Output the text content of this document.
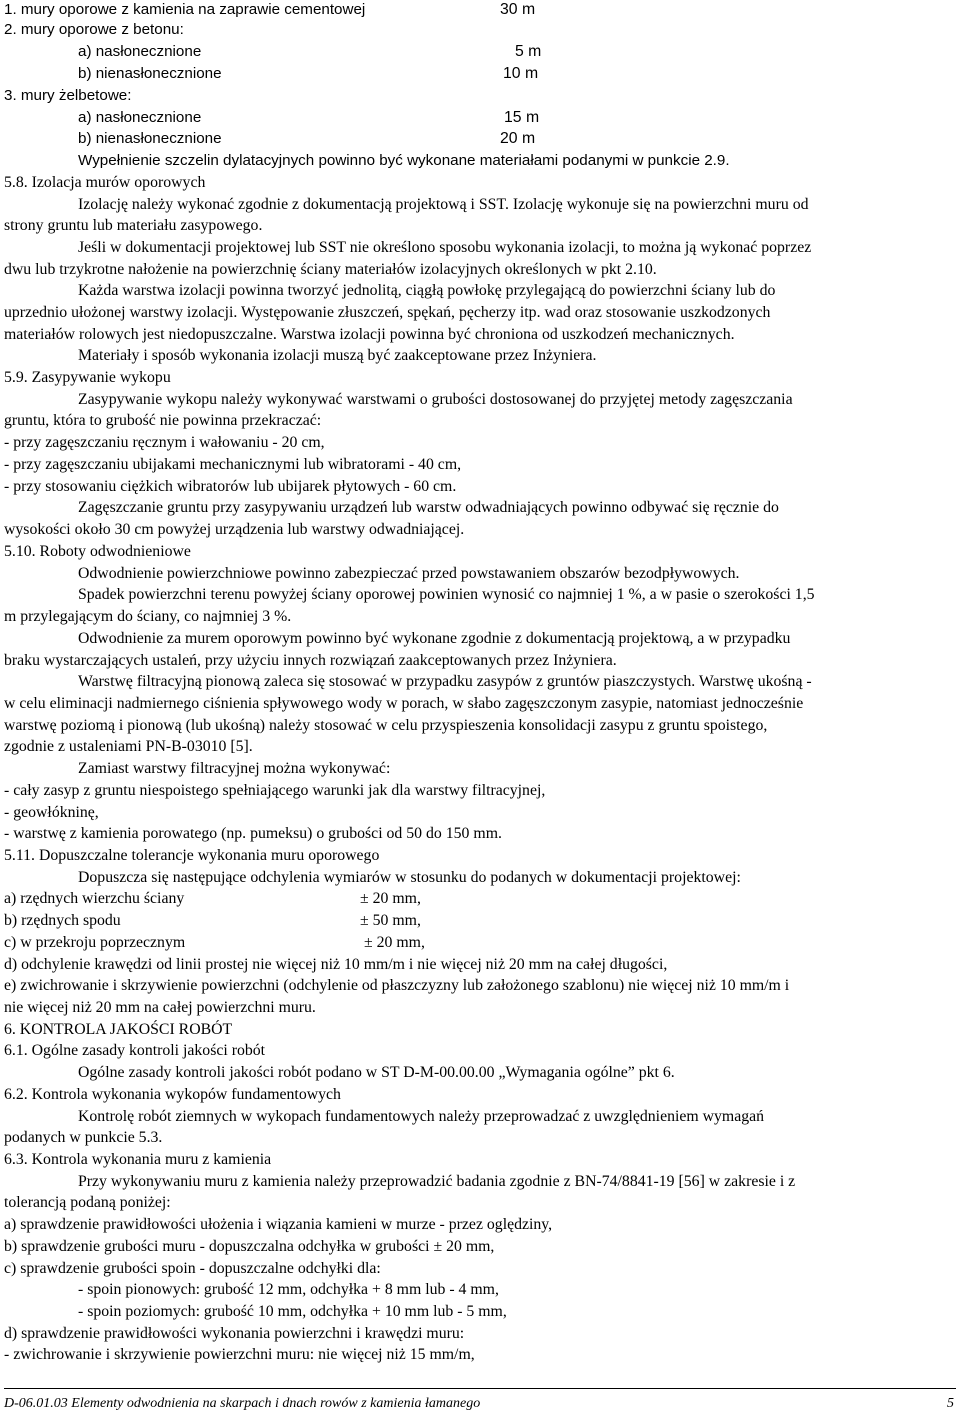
1. mury oporowe z kamienia na zaprawie cementowej	30 m
2. mury oporowe z betonu:
a) nasłonecznione	5 m
b) nienasłonecznione	10 m
3. mury żelbetowe:
a) nasłonecznione	15 m
b) nienasłonecznione	20 m
Wypełnienie szczelin dylatacyjnych powinno być wykonane materiałami podanymi w punkcie 2.9.
5.8. Izolacja murów oporowych
Izolację należy wykonać zgodnie z dokumentacją projektową i SST. Izolację wykonuje się na powierzchni muru od
strony gruntu lub materiału zasypowego.
Jeśli w dokumentacji projektowej lub SST nie określono sposobu wykonania izolacji, to można ją wykonać poprzez
dwu lub trzykrotne nałożenie na powierzchnię ściany materiałów izolacyjnych określonych w pkt 2.10.
Każda warstwa izolacji powinna tworzyć jednolitą, ciągłą powłokę przylegającą do powierzchni ściany lub do
uprzednio ułożonej warstwy izolacji. Występowanie złuszczeń, spękań, pęcherzy itp. wad oraz stosowanie uszkodzonych
materiałów rolowych jest niedopuszczalne. Warstwa izolacji powinna być chroniona od uszkodzeń mechanicznych.
Materiały i sposób wykonania izolacji muszą być zaakceptowane przez Inżyniera.
5.9. Zasypywanie wykopu
Zasypywanie wykopu należy wykonywać warstwami o grubości dostosowanej do przyjętej metody zagęszczania
gruntu, która to grubość nie powinna przekraczać:
- przy zagęszczaniu ręcznym i wałowaniu - 20 cm,
- przy zagęszczaniu ubijakami mechanicznymi lub wibratorami - 40 cm,
- przy stosowaniu ciężkich wibratorów lub ubijarek płytowych - 60 cm.
Zagęszczanie gruntu przy zasypywaniu urządzeń lub warstw odwadniających powinno odbywać się ręcznie do
wysokości około 30 cm powyżej urządzenia lub warstwy odwadniającej.
5.10. Roboty odwodnieniowe
Odwodnienie powierzchniowe powinno zabezpieczać przed powstawaniem obszarów bezodpływowych.
Spadek powierzchni terenu powyżej ściany oporowej powinien wynosić co najmniej 1 %, a w pasie o szerokości 1,5
m przylegającym do ściany, co najmniej 3 %.
Odwodnienie za murem oporowym powinno być wykonane zgodnie z dokumentacją projektową, a w przypadku
braku wystarczających ustaleń, przy użyciu innych rozwiązań zaakceptowanych przez Inżyniera.
Warstwę filtracyjną pionową zaleca się stosować w przypadku zasypów z gruntów piaszczystych. Warstwę ukośną -
w celu eliminacji nadmiernego ciśnienia spływowego wody w porach, w słabo zagęszczonym zasypie, natomiast jednocześnie
warstwę poziomą i pionową (lub ukośną) należy stosować w celu przyspieszenia konsolidacji zasypu z gruntu spoistego,
zgodnie z ustaleniami PN-B-03010 [5].
Zamiast warstwy filtracyjnej można wykonywać:
- cały zasyp z gruntu niespoistego spełniającego warunki jak dla warstwy filtracyjnej,
- geowłókninę,
- warstwę z kamienia porowatego (np. pumeksu) o grubości od 50 do 150 mm.
5.11. Dopuszczalne tolerancje wykonania muru oporowego
Dopuszcza się następujące odchylenia wymiarów w stosunku do podanych w dokumentacji projektowej:
a) rzędnych wierzchu ściany	± 20 mm,
b) rzędnych spodu	± 50 mm,
c) w przekroju poprzecznym	± 20 mm,
d) odchylenie krawędzi od linii prostej nie więcej niż 10 mm/m i nie więcej niż 20 mm na całej długości,
e) zwichrowanie i skrzywienie powierzchni (odchylenie od płaszczyzny lub założonego szablonu) nie więcej niż 10 mm/m i
nie więcej niż 20 mm na całej powierzchni muru.
6. KONTROLA JAKOŚCI ROBÓT
6.1. Ogólne zasady kontroli jakości robót
Ogólne zasady kontroli jakości robót podano w ST D-M-00.00.00 „Wymagania ogólne” pkt 6.
6.2. Kontrola wykonania wykopów fundamentowych
Kontrolę robót ziemnych w wykopach fundamentowych należy przeprowadzać z uwzględnieniem wymagań
podanych w punkcie 5.3.
6.3. Kontrola wykonania muru z kamienia
Przy wykonywaniu muru z kamienia należy przeprowadzić badania zgodnie z BN-74/8841-19 [56] w zakresie i z
tolerancją podaną poniżej:
a) sprawdzenie prawidłowości ułożenia i wiązania kamieni w murze - przez oględziny,
b) sprawdzenie grubości muru - dopuszczalna odchyłka w grubości ± 20 mm,
c) sprawdzenie grubości spoin - dopuszczalne odchyłki dla:
- spoin pionowych: grubość 12 mm, odchyłka + 8 mm lub - 4 mm,
- spoin poziomych: grubość 10 mm, odchyłka + 10 mm lub - 5 mm,
d) sprawdzenie prawidłowości wykonania powierzchni i krawędzi muru:
- zwichrowanie i skrzywienie powierzchni muru: nie więcej niż 15 mm/m,
D-06.01.03 Elementy odwodnienia na skarpach i dnach rowów z kamienia łamanego	5
